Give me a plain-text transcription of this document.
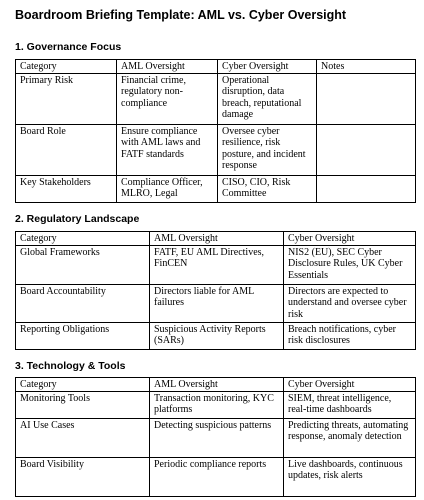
Boardroom Briefing Template: AML vs. Cyber Oversight
1. Governance Focus
Category	AML Oversight	Cyber Oversight	Notes
Primary Risk	Financial crime, regulatory non-compliance	Operational disruption, data breach, reputational damage	
Board Role	Ensure compliance with AML laws and FATF standards	Oversee cyber resilience, risk posture, and incident response	
Key Stakeholders	Compliance Officer, MLRO, Legal	CISO, CIO, Risk Committee	
2. Regulatory Landscape
Category	AML Oversight	Cyber Oversight
Global Frameworks	FATF, EU AML Directives, FinCEN	NIS2 (EU), SEC Cyber Disclosure Rules, UK Cyber Essentials
Board Accountability	Directors liable for AML failures	Directors are expected to understand and oversee cyber risk
Reporting Obligations	Suspicious Activity Reports (SARs)	Breach notifications, cyber risk disclosures
3. Technology & Tools
Category	AML Oversight	Cyber Oversight
Monitoring Tools	Transaction monitoring, KYC platforms	SIEM, threat intelligence, real-time dashboards
AI Use Cases	Detecting suspicious patterns	Predicting threats, automating response, anomaly detection
Board Visibility	Periodic compliance reports	Live dashboards, continuous updates, risk alerts
